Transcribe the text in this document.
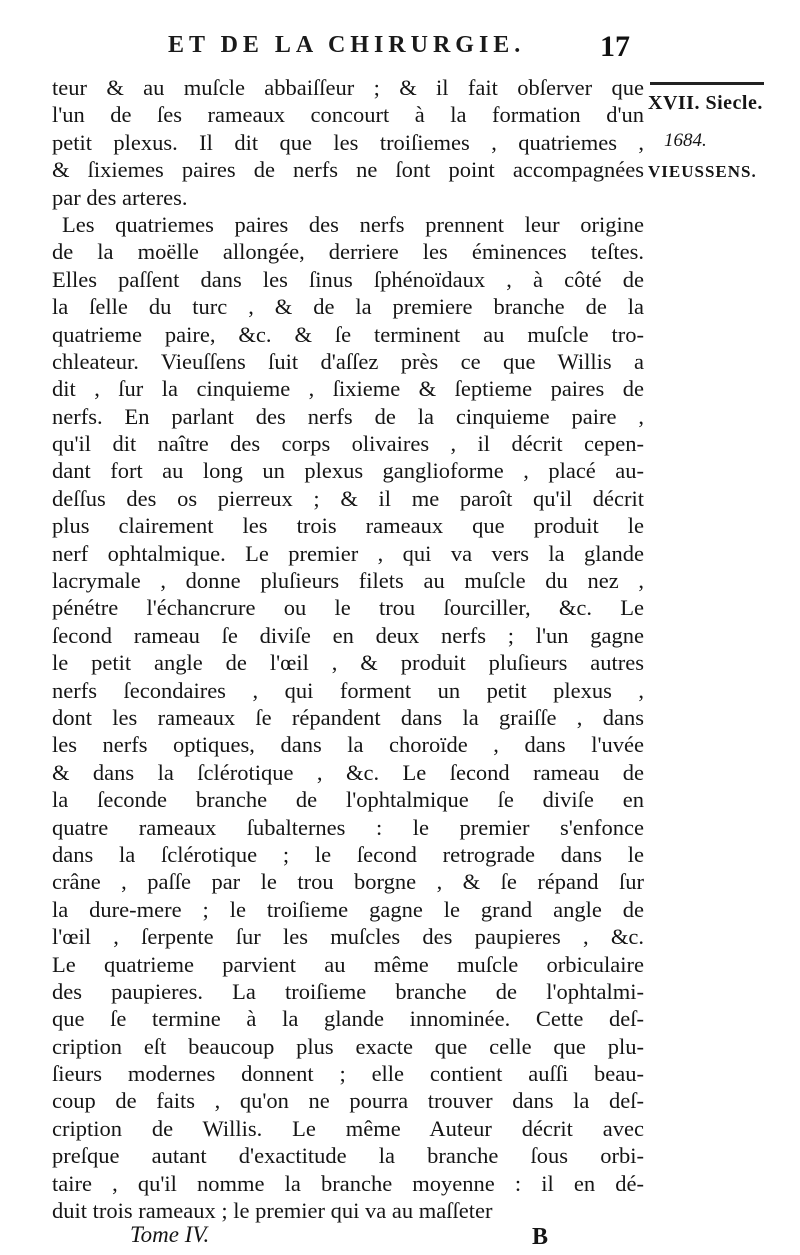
ET DE LA CHIRURGIE. 17
XVII. Siecle.
1684.
VIEUSSENS.
teur & au muſcle abbaiſſeur ; & il fait obſerver que
l'un de ſes rameaux concourt à la formation d'un
petit plexus. Il dit que les troiſiemes , quatriemes ,
& ſixiemes paires de nerfs ne ſont point accompagnées
par des arteres.
Les quatriemes paires des nerfs prennent leur origine
de la moëlle allongée, derriere les éminences teſtes.
Elles paſſent dans les ſinus ſphénoïdaux , à côté de
la ſelle du turc , & de la premiere branche de la
quatrieme paire, &c. & ſe terminent au muſcle tro-
chleateur. Vieuſſens ſuit d'aſſez près ce que Willis a
dit , ſur la cinquieme , ſixieme & ſeptieme paires de
nerfs. En parlant des nerfs de la cinquieme paire ,
qu'il dit naître des corps olivaires , il décrit cepen-
dant fort au long un plexus ganglioforme , placé au-
deſſus des os pierreux ; & il me paroît qu'il décrit
plus clairement les trois rameaux que produit le
nerf ophtalmique. Le premier , qui va vers la glande
lacrymale , donne pluſieurs filets au muſcle du nez ,
pénétre l'échancrure ou le trou ſourciller, &c. Le
ſecond rameau ſe diviſe en deux nerfs ; l'un gagne
le petit angle de l'œil , & produit pluſieurs autres
nerfs ſecondaires , qui forment un petit plexus ,
dont les rameaux ſe répandent dans la graiſſe , dans
les nerfs optiques, dans la choroïde , dans l'uvée
& dans la ſclérotique , &c. Le ſecond rameau de
la ſeconde branche de l'ophtalmique ſe diviſe en
quatre rameaux ſubalternes : le premier s'enfonce
dans la ſclérotique ; le ſecond retrograde dans le
crâne , paſſe par le trou borgne , & ſe répand ſur
la dure-mere ; le troiſieme gagne le grand angle de
l'œil , ſerpente ſur les muſcles des paupieres , &c.
Le quatrieme parvient au même muſcle orbiculaire
des paupieres. La troiſieme branche de l'ophtalmi-
que ſe termine à la glande innominée. Cette deſ-
cription eſt beaucoup plus exacte que celle que plu-
ſieurs modernes donnent ; elle contient auſſi beau-
coup de faits , qu'on ne pourra trouver dans la deſ-
cription de Willis. Le même Auteur décrit avec
preſque autant d'exactitude la branche ſous orbi-
taire , qu'il nomme la branche moyenne : il en dé-
duit trois rameaux ; le premier qui va au maſſeter
Tome IV.	B
